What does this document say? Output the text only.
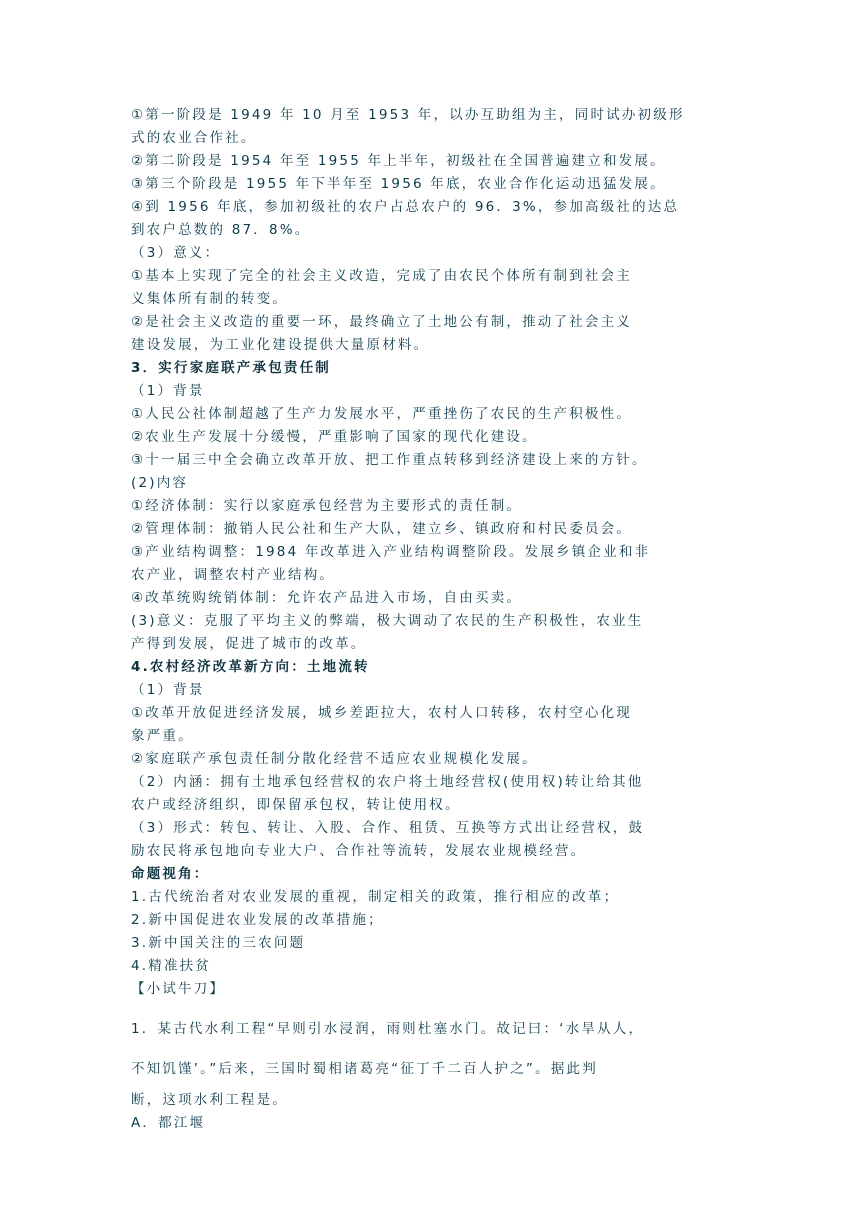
①第一阶段是 1949 年 10 月至 1953 年，以办互助组为主，同时试办初级形
式的农业合作社。
②第二阶段是 1954 年至 1955 年上半年，初级社在全国普遍建立和发展。
③第三个阶段是 1955 年下半年至 1956 年底，农业合作化运动迅猛发展。
④到 1956 年底，参加初级社的农户占总农户的 96．3%，参加高级社的达总
到农户总数的 87．8%。
（3）意义：
①基本上实现了完全的社会主义改造，完成了由农民个体所有制到社会主
义集体所有制的转变。
②是社会主义改造的重要一环，最终确立了土地公有制，推动了社会主义
建设发展，为工业化建设提供大量原材料。
3．实行家庭联产承包责任制
（1）背景
①人民公社体制超越了生产力发展水平，严重挫伤了农民的生产积极性。
②农业生产发展十分缓慢，严重影响了国家的现代化建设。
③十一届三中全会确立改革开放、把工作重点转移到经济建设上来的方针。
(2)内容
①经济体制：实行以家庭承包经营为主要形式的责任制。
②管理体制：撤销人民公社和生产大队，建立乡、镇政府和村民委员会。
③产业结构调整：1984 年改革进入产业结构调整阶段。发展乡镇企业和非
农产业，调整农村产业结构。
④改革统购统销体制：允许农产品进入市场，自由买卖。
(3)意义：克服了平均主义的弊端，极大调动了农民的生产积极性，农业生
产得到发展，促进了城市的改革。
4.农村经济改革新方向：土地流转
（1）背景
①改革开放促进经济发展，城乡差距拉大，农村人口转移，农村空心化现
象严重。
②家庭联产承包责任制分散化经营不适应农业规模化发展。
（2）内涵：拥有土地承包经营权的农户将土地经营权(使用权)转让给其他
农户或经济组织，即保留承包权，转让使用权。
（3）形式：转包、转让、入股、合作、租赁、互换等方式出让经营权，鼓
励农民将承包地向专业大户、合作社等流转，发展农业规模经营。
命题视角：
1.古代统治者对农业发展的重视，制定相关的政策，推行相应的改革；
2.新中国促进农业发展的改革措施；
3.新中国关注的三农问题
4.精准扶贫
【小试牛刀】
1．某古代水利工程“早则引水浸润，雨则杜塞水门。故记曰：‘水旱从人，
不知饥馑’。”后来，三国时蜀相诸葛亮“征丁千二百人护之”。据此判
断，这项水利工程是。
A．都江堰
